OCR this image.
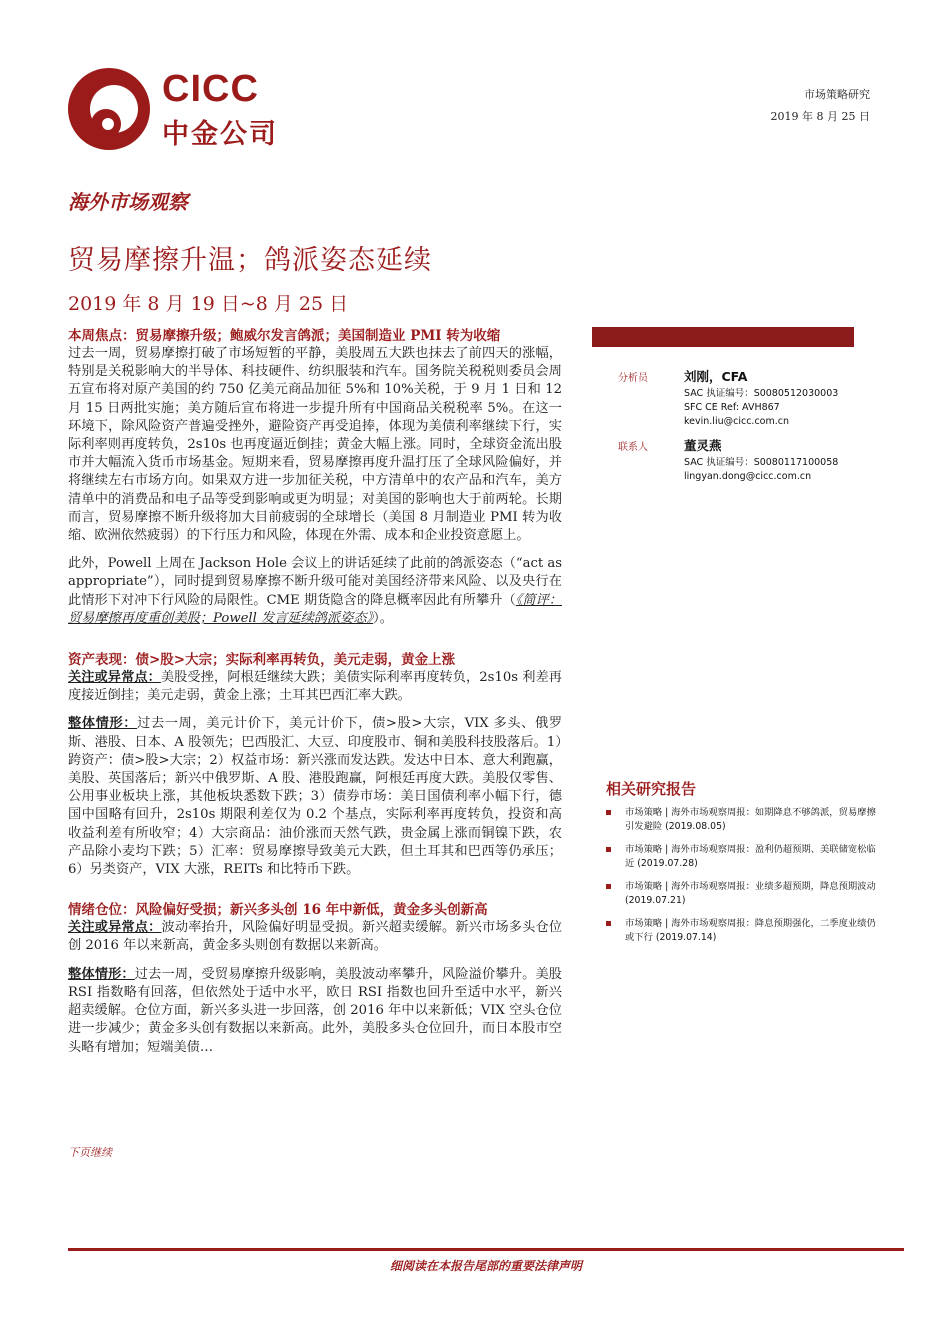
CICC
中金公司
市场策略研究
2019 年 8 月 25 日
海外市场观察
贸易摩擦升温；鸽派姿态延续
2019 年 8 月 19 日~8 月 25 日
本周焦点：贸易摩擦升级；鲍威尔发言鸽派；美国制造业 PMI 转为收缩
过去一周，贸易摩擦打破了市场短暂的平静，美股周五大跌也抹去了前四天的涨幅，特别是关税影响大的半导体、科技硬件、纺织服装和汽车。国务院关税税则委员会周五宣布将对原产美国的约 750 亿美元商品加征 5%和 10%关税，于 9 月 1 日和 12 月 15 日两批实施；美方随后宣布将进一步提升所有中国商品关税税率 5%。在这一环境下，除风险资产普遍受挫外，避险资产再受追捧，体现为美债利率继续下行，实际利率则再度转负，2s10s 也再度逼近倒挂；黄金大幅上涨。同时，全球资金流出股市并大幅流入货币市场基金。短期来看，贸易摩擦再度升温打压了全球风险偏好，并将继续左右市场方向。如果双方进一步加征关税，中方清单中的农产品和汽车，美方清单中的消费品和电子品等受到影响或更为明显；对美国的影响也大于前两轮。长期而言，贸易摩擦不断升级将加大目前疲弱的全球增长（美国 8 月制造业 PMI 转为收缩、欧洲依然疲弱）的下行压力和风险，体现在外需、成本和企业投资意愿上。
此外，Powell 上周在 Jackson Hole 会议上的讲话延续了此前的鸽派姿态（“act as appropriate”），同时提到贸易摩擦不断升级可能对美国经济带来风险、以及央行在此情形下对冲下行风险的局限性。CME 期货隐含的降息概率因此有所攀升（《简评：贸易摩擦再度重创美股；Powell 发言延续鸽派姿态》）。
资产表现：债>股>大宗；实际利率再转负，美元走弱，黄金上涨
关注或异常点：美股受挫，阿根廷继续大跌；美债实际利率再度转负，2s10s 利差再度接近倒挂；美元走弱，黄金上涨；土耳其巴西汇率大跌。
整体情形：过去一周，美元计价下，美元计价下，债>股>大宗，VIX 多头、俄罗斯、港股、日本、A 股领先；巴西股汇、大豆、印度股市、铜和美股科技股落后。1）跨资产：债>股>大宗；2）权益市场：新兴涨而发达跌。发达中日本、意大利跑赢，美股、英国落后；新兴中俄罗斯、A 股、港股跑赢，阿根廷再度大跌。美股仅零售、公用事业板块上涨，其他板块悉数下跌；3）债券市场：美日国债利率小幅下行，德国中国略有回升，2s10s 期限利差仅为 0.2 个基点，实际利率再度转负，投资和高收益利差有所收窄；4）大宗商品：油价涨而天然气跌，贵金属上涨而铜镍下跌，农产品除小麦均下跌；5）汇率：贸易摩擦导致美元大跌，但土耳其和巴西等仍承压；6）另类资产，VIX 大涨，REITs 和比特币下跌。
情绪仓位：风险偏好受损；新兴多头创 16 年中新低，黄金多头创新高
关注或异常点：波动率抬升，风险偏好明显受损。新兴超卖缓解。新兴市场多头仓位创 2016 年以来新高，黄金多头则创有数据以来新高。
整体情形：过去一周，受贸易摩擦升级影响，美股波动率攀升，风险溢价攀升。美股 RSI 指数略有回落，但依然处于适中水平，欧日 RSI 指数也回升至适中水平，新兴超卖缓解。仓位方面，新兴多头进一步回落，创 2016 年中以来新低；VIX 空头仓位进一步减少；黄金多头创有数据以来新高。此外，美股多头仓位回升，而日本股市空头略有增加；短端美债…
下页继续
分析员	刘刚，CFA
SAC 执证编号：S0080512030003
SFC CE Ref: AVH867
kevin.liu@cicc.com.cn
联系人	董灵燕
SAC 执证编号：S0080117100058
lingyan.dong@cicc.com.cn
相关研究报告
市场策略 | 海外市场观察周报：如期降息不够鸽派，贸易摩擦引发避险 (2019.08.05)
市场策略 | 海外市场观察周报：盈利仍超预期、美联储宽松临近 (2019.07.28)
市场策略 | 海外市场观察周报：业绩多超预期，降息预期波动 (2019.07.21)
市场策略 | 海外市场观察周报：降息预期强化，二季度业绩仍或下行 (2019.07.14)
细阅读在本报告尾部的重要法律声明
